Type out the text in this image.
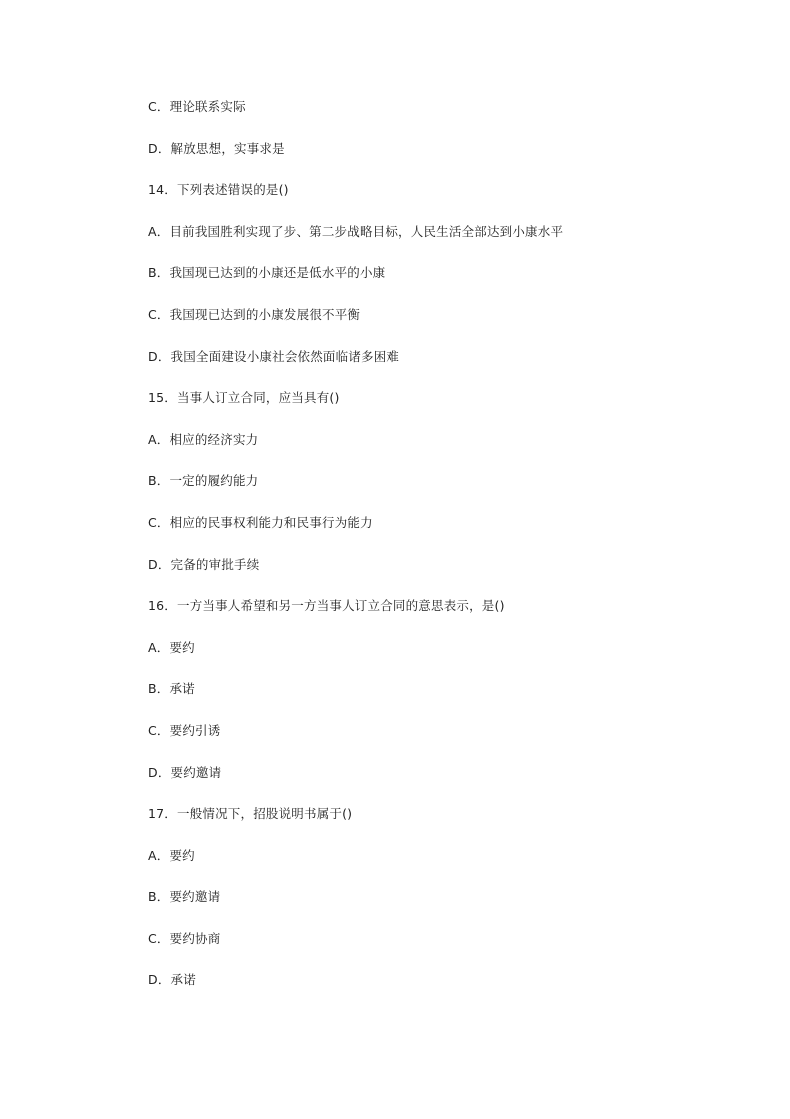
C．理论联系实际
D．解放思想，实事求是
14．下列表述错误的是()
A．目前我国胜利实现了步、第二步战略目标，人民生活全部达到小康水平
B．我国现已达到的小康还是低水平的小康
C．我国现已达到的小康发展很不平衡
D．我国全面建设小康社会依然面临诸多困难
15．当事人订立合同，应当具有()
A．相应的经济实力
B．一定的履约能力
C．相应的民事权利能力和民事行为能力
D．完备的审批手续
16．一方当事人希望和另一方当事人订立合同的意思表示，是()
A．要约
B．承诺
C．要约引诱
D．要约邀请
17．一般情况下，招股说明书属于()
A．要约
B．要约邀请
C．要约协商
D．承诺
